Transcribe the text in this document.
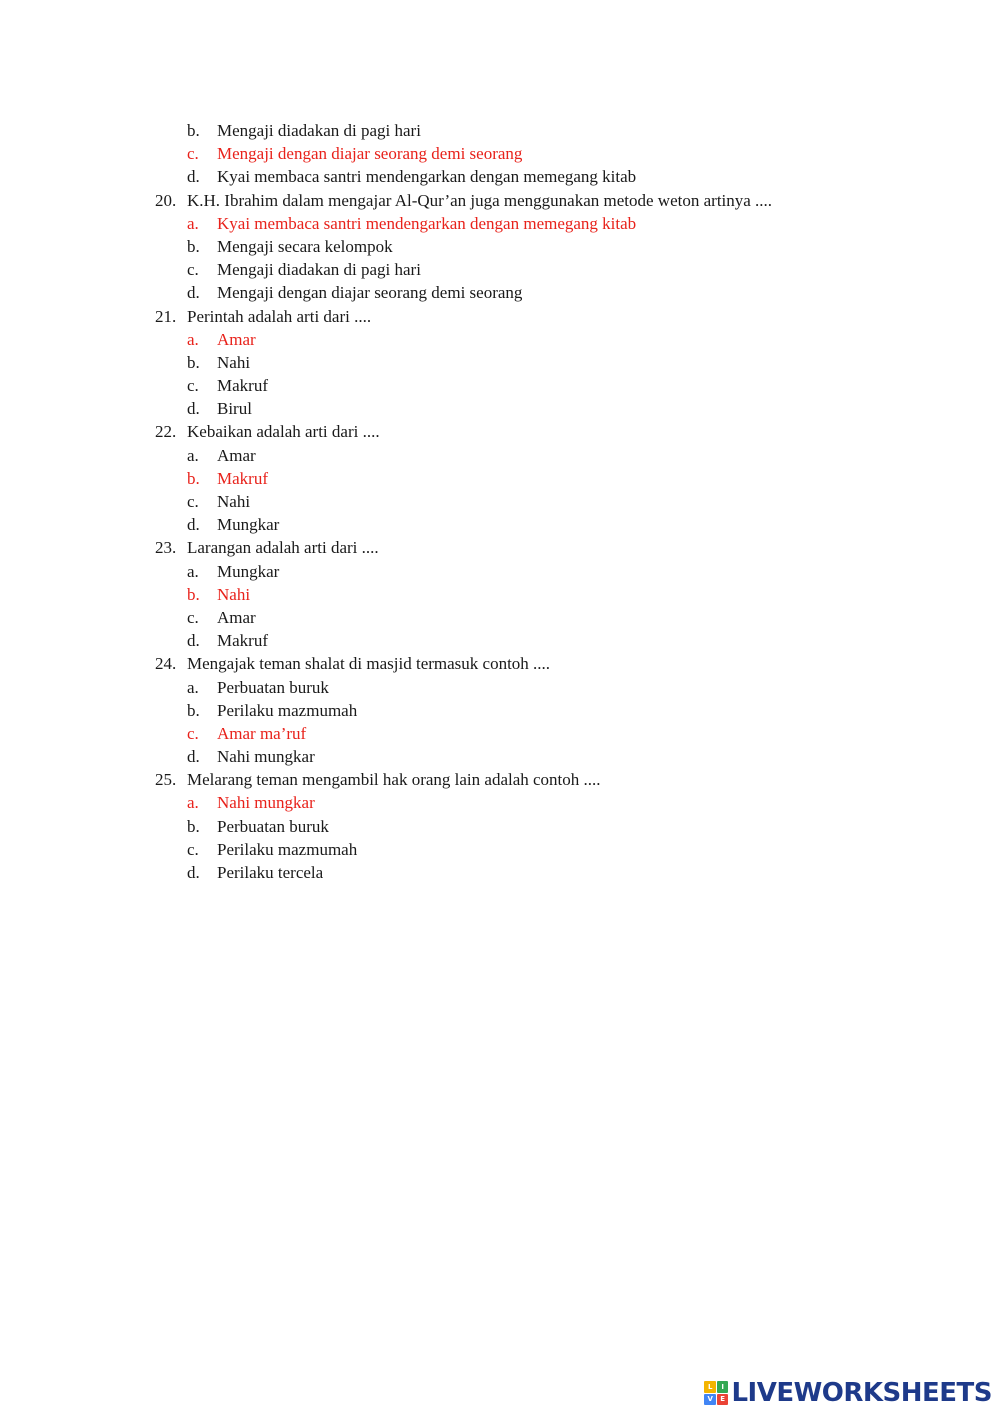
b.	Mengaji diadakan di pagi hari
c.	Mengaji dengan diajar seorang demi seorang
d.	Kyai membaca santri mendengarkan dengan memegang kitab
20. K.H. Ibrahim dalam mengajar Al-Qur’an juga menggunakan metode weton artinya ....
a.	Kyai membaca santri mendengarkan dengan memegang kitab
b.	Mengaji secara kelompok
c.	Mengaji diadakan di pagi hari
d.	Mengaji dengan diajar seorang demi seorang
21. Perintah adalah arti dari ....
a.	Amar
b.	Nahi
c.	Makruf
d.	Birul
22. Kebaikan adalah arti dari ....
a.	Amar
b.	Makruf
c.	Nahi
d.	Mungkar
23. Larangan adalah arti dari ....
a.	Mungkar
b.	Nahi
c.	Amar
d.	Makruf
24. Mengajak teman shalat di masjid termasuk contoh ....
a.	Perbuatan buruk
b.	Perilaku mazmumah
c.	Amar ma’ruf
d.	Nahi mungkar
25. Melarang teman mengambil hak orang lain adalah contoh ....
a.	Nahi mungkar
b.	Perbuatan buruk
c.	Perilaku mazmumah
d.	Perilaku tercela
L	I
V	E LIVEWORKSHEETS
